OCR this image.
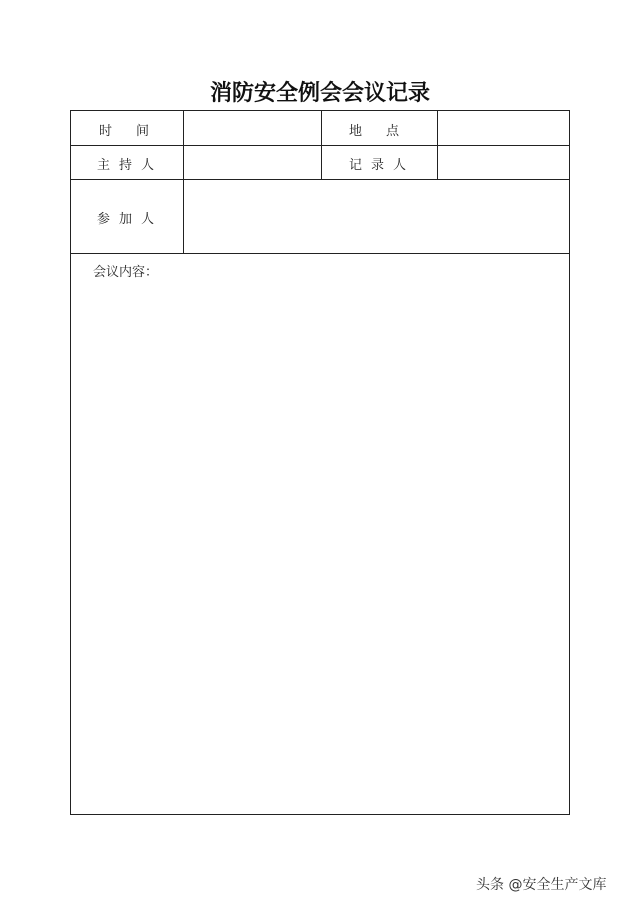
消防安全例会会议记录
时间	地点
主持人	记录人
参加人
会议内容：
头条 @安全生产文库
